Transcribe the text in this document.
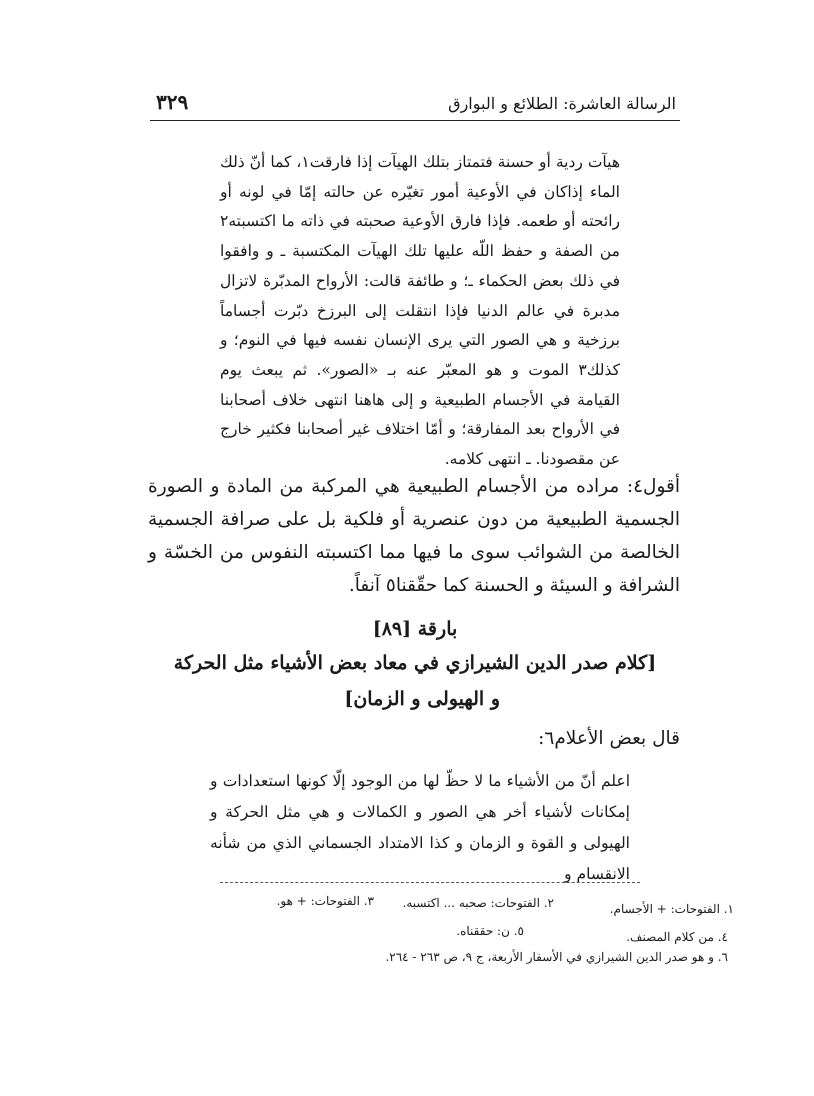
٣٢٩	الرسالة العاشرة: الطلائع و البوارق
هيآت ردية أو حسنة فتمتاز بتلك الهيآت إذا فارقت١، كما أنّ ذلك الماء إذاكان في الأوعية أمور تغيّره عن حالته إمّا في لونه أو رائحته أو طعمه. فإذا فارق الأوعية صحبته في ذاته ما اكتسبته٢ من الصفة و حفظ اللّه عليها تلك الهيآت المكتسبة ـ و وافقوا في ذلك بعض الحكماء ـ؛ و طائفة قالت: الأرواح المدبّرة لاتزال مدبرة في عالم الدنيا فإذا انتقلت إلى البرزخ دبّرت أجساماً برزخية و هي الصور التي يرى الإنسان نفسه فيها في النوم؛ و كذلك٣ الموت و هو المعبّر عنه بـ «الصور». ثم يبعث يوم القيامة في الأجسام الطبيعية و إلى هاهنا انتهى خلاف أصحابنا في الأرواح بعد المفارقة؛ و أمّا اختلاف غير أصحابنا فكثير خارج عن مقصودنا. ـ انتهى كلامه.
أقول٤: مراده من الأجسام الطبيعية هي المركبة من المادة و الصورة الجسمية الطبيعية من دون عنصرية أو فلكية بل على صرافة الجسمية الخالصة من الشوائب سوى ما فيها مما اكتسبته النفوس من الخسّة و الشرافة و السيئة و الحسنة كما حقّقنا٥ آنفاً.
بارقة [٨٩]
[كلام صدر الدين الشيرازي في معاد بعض الأشياء مثل الحركة
و الهيولى و الزمان]
قال بعض الأعلام٦:
اعلم أنّ من الأشياء ما لا حظّ لها من الوجود إلّا كونها استعدادات و إمكانات لأشياء أخر هي الصور و الكمالات و هي مثل الحركة و الهيولى و القوة و الزمان و كذا الامتداد الجسماني الذي من شأنه الانقسام و
١. الفتوحات: + الأجسام.
٢. الفتوحات: صحبه ... اكتسبه.
٣. الفتوحات: + هو.
٤. من كلام المصنف.
٥. ن: حققناه.
٦. و هو صدر الدين الشيرازي في الأسفار الأربعة، ج ٩، ص ٢٦٣ - ٢٦٤.
